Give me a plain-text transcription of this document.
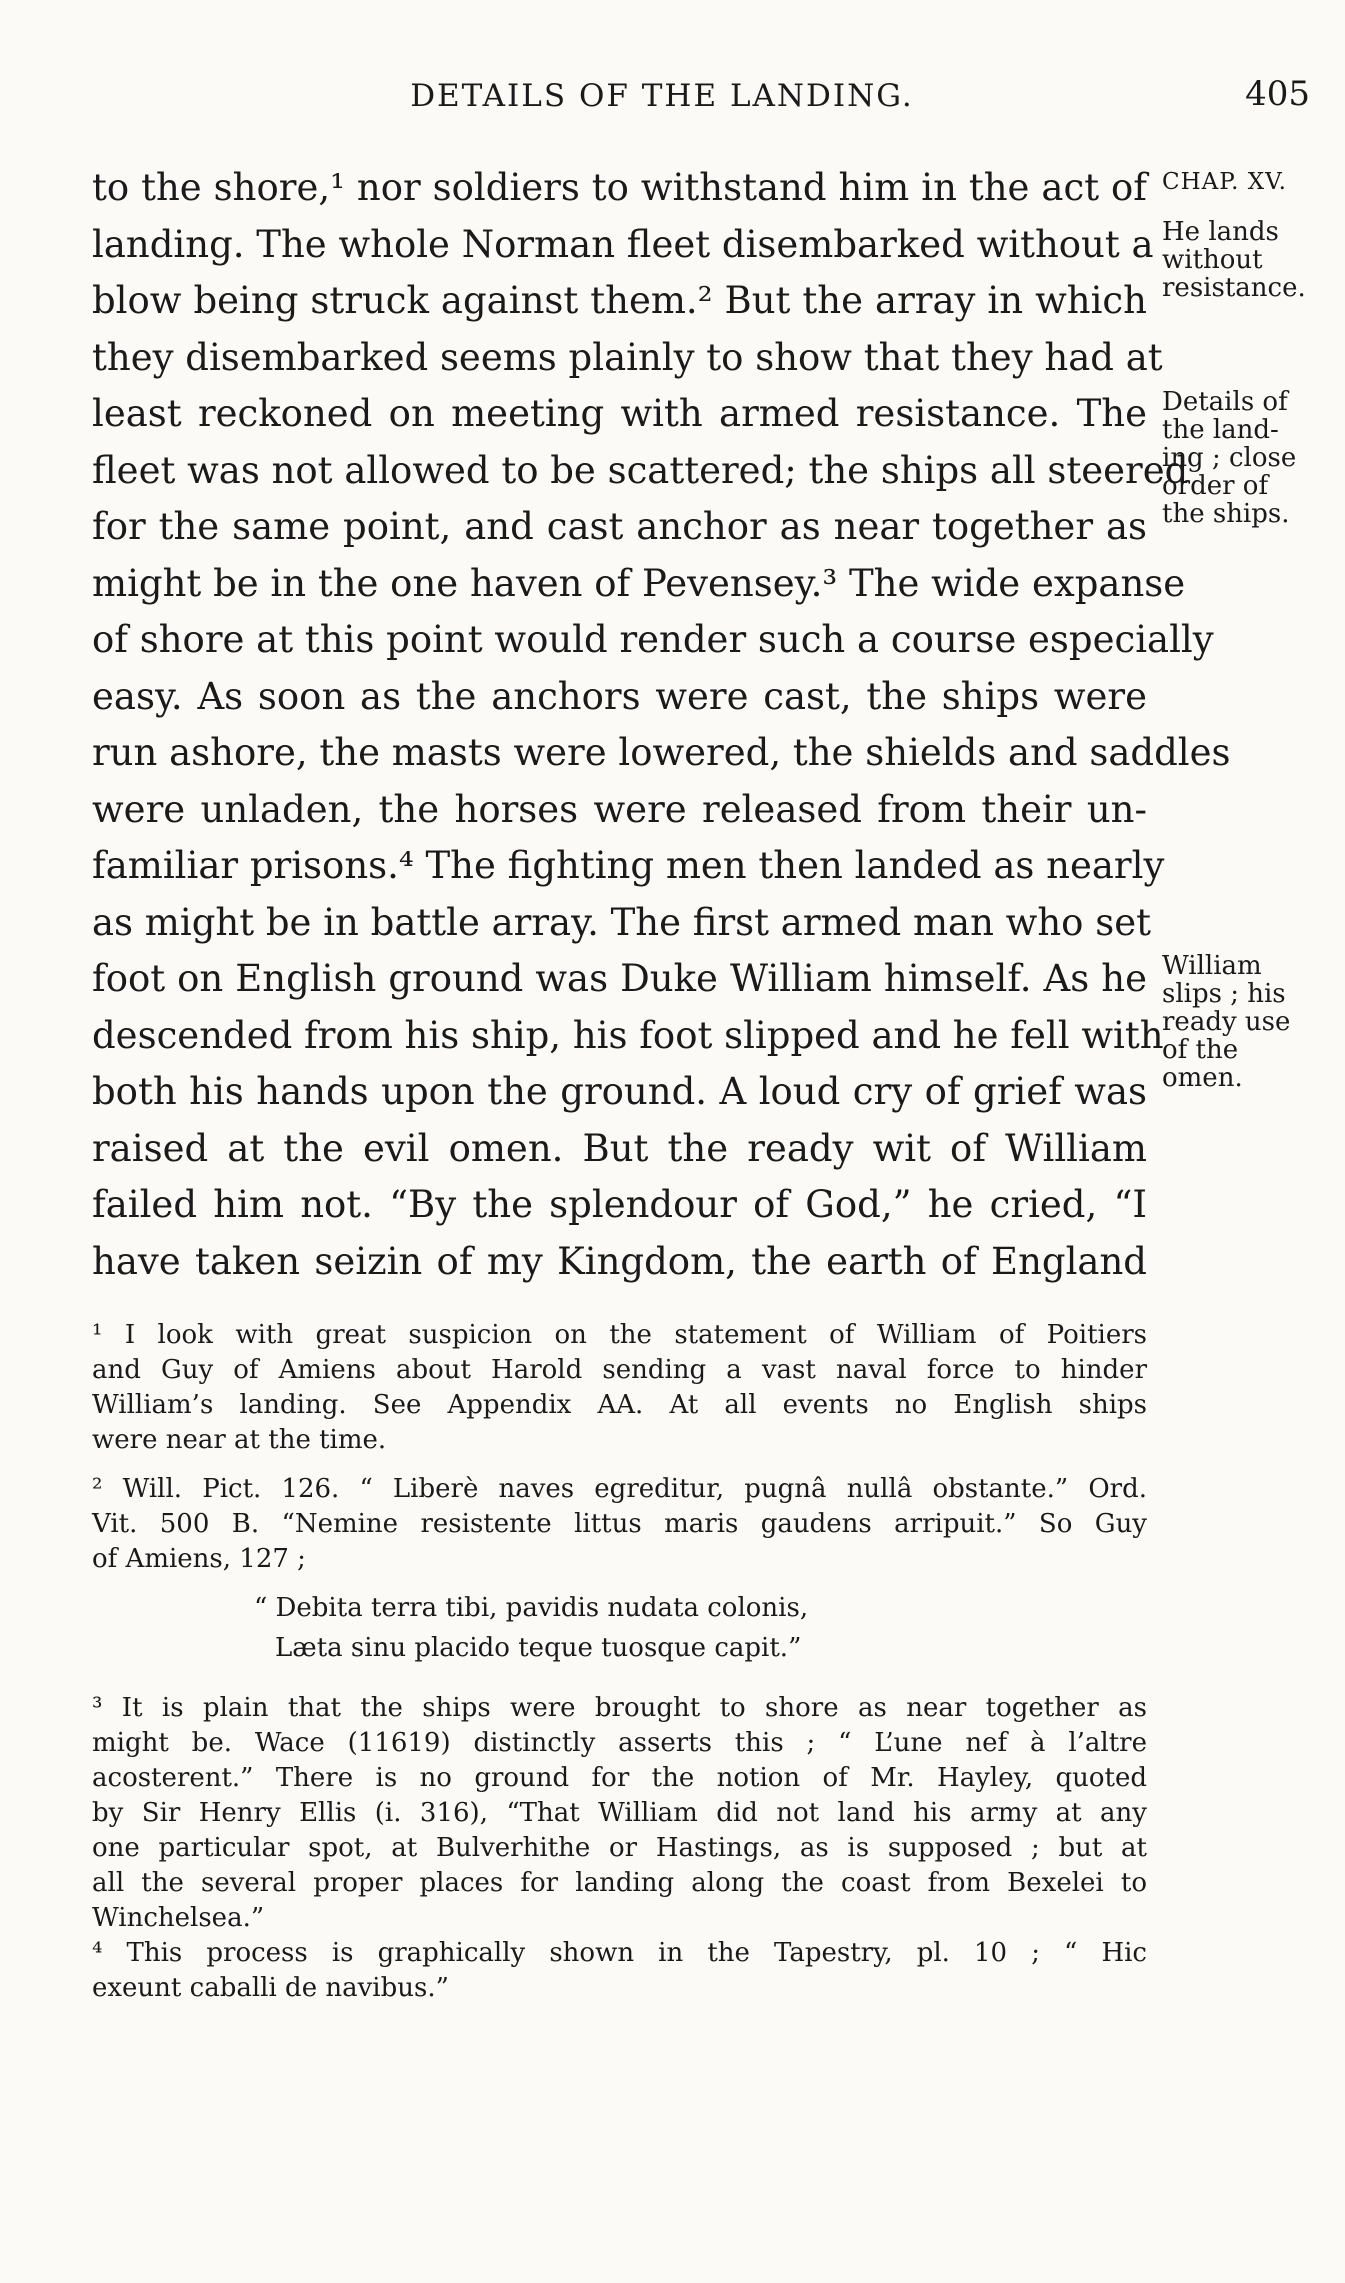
DETAILS OF THE LANDING.	405
to the shore,¹ nor soldiers to withstand him in the act of
landing. The whole Norman fleet disembarked without a
blow being struck against them.² But the array in which
they disembarked seems plainly to show that they had at
least reckoned on meeting with armed resistance. The
fleet was not allowed to be scattered; the ships all steered
for the same point, and cast anchor as near together as
might be in the one haven of Pevensey.³ The wide expanse
of shore at this point would render such a course especially
easy. As soon as the anchors were cast, the ships were
run ashore, the masts were lowered, the shields and saddles
were unladen, the horses were released from their un-
familiar prisons.⁴ The fighting men then landed as nearly
as might be in battle array. The first armed man who set
foot on English ground was Duke William himself. As he
descended from his ship, his foot slipped and he fell with
both his hands upon the ground. A loud cry of grief was
raised at the evil omen. But the ready wit of William
failed him not. “By the splendour of God,” he cried, “I
have taken seizin of my Kingdom, the earth of England
CHAP. XV.
He lands
without
resistance.
Details of
the land-
ing ; close
order of
the ships.
William
slips ; his
ready use
of the
omen.
¹ I look with great suspicion on the statement of William of Poitiers
and Guy of Amiens about Harold sending a vast naval force to hinder
William’s landing. See Appendix AA. At all events no English ships
were near at the time.
² Will. Pict. 126. “ Liberè naves egreditur, pugnâ nullâ obstante.” Ord.
Vit. 500 B. “Nemine resistente littus maris gaudens arripuit.” So Guy
of Amiens, 127 ;
“ Debita terra tibi, pavidis nudata colonis,
Læta sinu placido teque tuosque capit.”
³ It is plain that the ships were brought to shore as near together as
might be. Wace (11619) distinctly asserts this ; “ L’une nef à l’altre
acosterent.” There is no ground for the notion of Mr. Hayley, quoted
by Sir Henry Ellis (i. 316), “That William did not land his army at any
one particular spot, at Bulverhithe or Hastings, as is supposed ; but at
all the several proper places for landing along the coast from Bexelei to
Winchelsea.”
⁴ This process is graphically shown in the Tapestry, pl. 10 ; “ Hic
exeunt caballi de navibus.”
